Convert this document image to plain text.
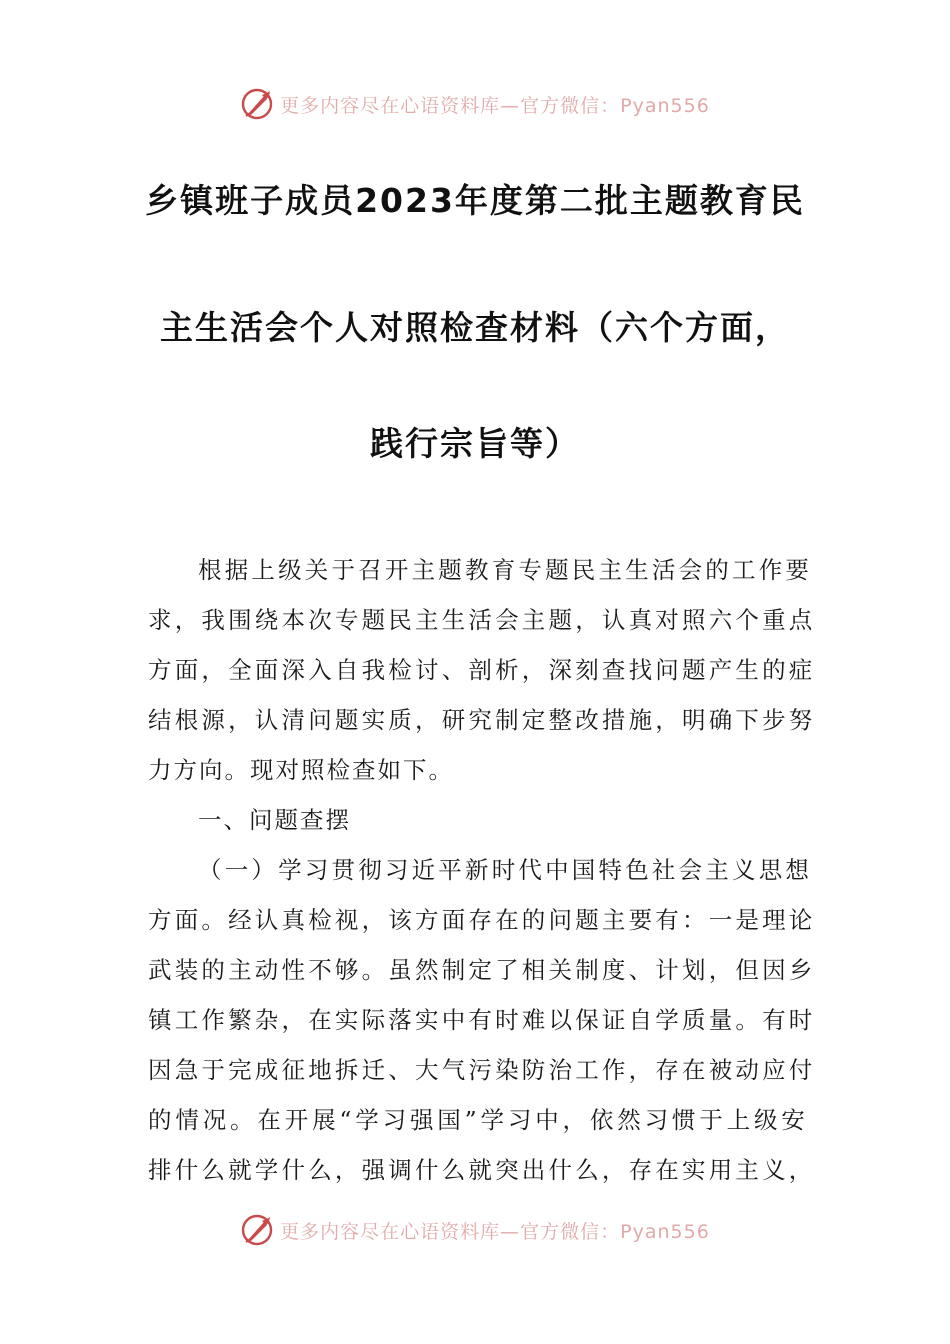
更多内容尽在心语资料库—官方微信：Pyan556
乡镇班子成员2023年度第二批主题教育民
主生活会个人对照检查材料（六个方面，
践行宗旨等）
根据上级关于召开主题教育专题民主生活会的工作要
求，我围绕本次专题民主生活会主题，认真对照六个重点
方面，全面深入自我检讨、剖析，深刻查找问题产生的症
结根源，认清问题实质，研究制定整改措施，明确下步努
力方向。现对照检查如下。
一、问题查摆
（一）学习贯彻习近平新时代中国特色社会主义思想
方面。经认真检视，该方面存在的问题主要有：一是理论
武装的主动性不够。虽然制定了相关制度、计划，但因乡
镇工作繁杂，在实际落实中有时难以保证自学质量。有时
因急于完成征地拆迁、大气污染防治工作，存在被动应付
的情况。在开展“学习强国”学习中，依然习惯于上级安
排什么就学什么，强调什么就突出什么，存在实用主义，
更多内容尽在心语资料库—官方微信：Pyan556
